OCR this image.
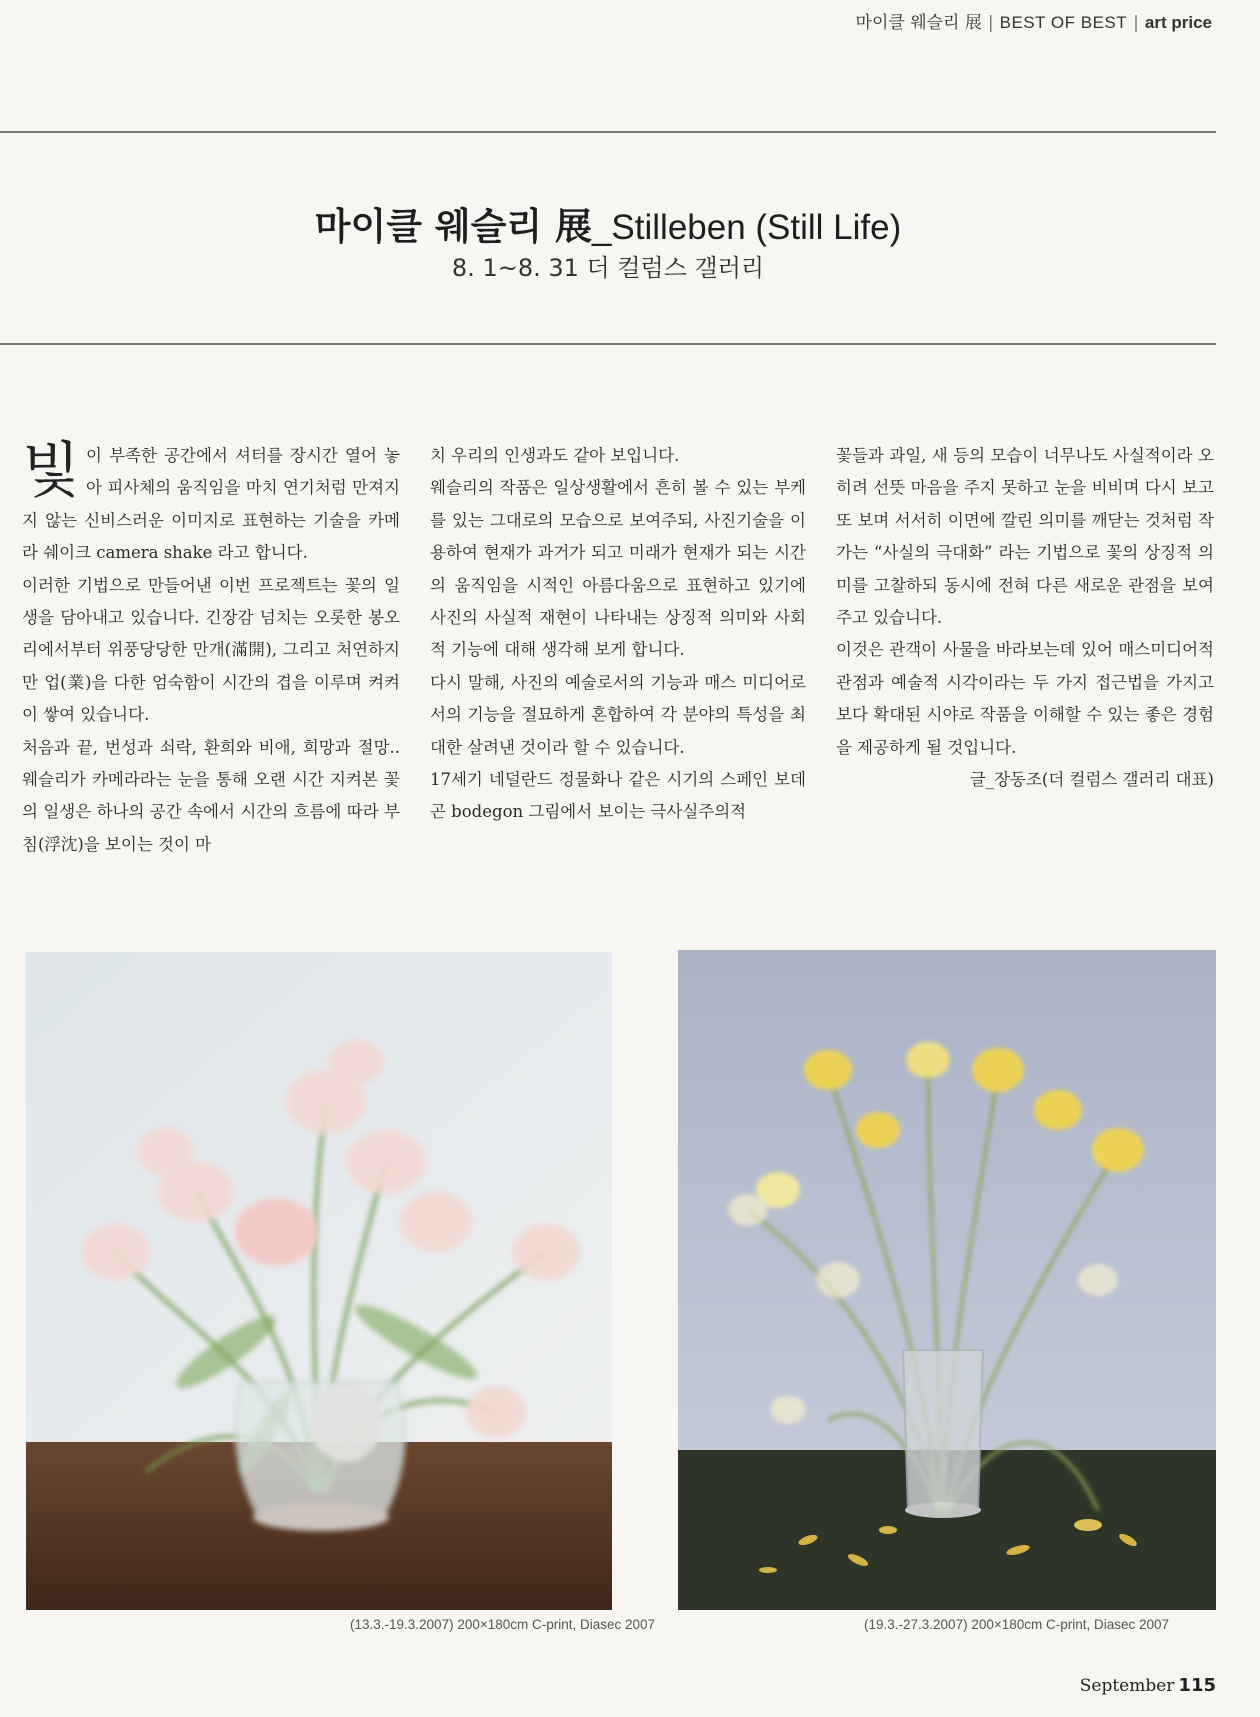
마이클 웨슬리 展 | BEST OF BEST | art price
마이클 웨슬리 展_Stilleben (Still Life)
8. 1~8. 31 더 컬럼스 갤러리

빛이 부족한 공간에서 셔터를 장시간 열어 놓아 피사체의 움직임을 마치 연기처럼 만져지지 않는 신비스러운 이미지로 표현하는 기술을 카메라 쉐이크 camera shake 라고 합니다.

이러한 기법으로 만들어낸 이번 프로젝트는 꽃의 일생을 담아내고 있습니다. 긴장감 넘치는 오롯한 봉오리에서부터 위풍당당한 만개(滿開), 그리고 처연하지만 업(業)을 다한 엄숙함이 시간의 겹을 이루며 켜켜이 쌓여 있습니다.

처음과 끝, 번성과 쇠락, 환희와 비애, 희망과 절망.. 웨슬리가 카메라라는 눈을 통해 오랜 시간 지켜본 꽃의 일생은 하나의 공간 속에서 시간의 흐름에 따라 부침(浮沈)을 보이는 것이 마

치 우리의 인생과도 같아 보입니다.

웨슬리의 작품은 일상생활에서 흔히 볼 수 있는 부케를 있는 그대로의 모습으로 보여주되, 사진기술을 이용하여 현재가 과거가 되고 미래가 현재가 되는 시간의 움직임을 시적인 아름다움으로 표현하고 있기에 사진의 사실적 재현이 나타내는 상징적 의미와 사회적 기능에 대해 생각해 보게 합니다.

다시 말해, 사진의 예술로서의 기능과 매스 미디어로서의 기능을 절묘하게 혼합하여 각 분야의 특성을 최대한 살려낸 것이라 할 수 있습니다.

17세기 네덜란드 정물화나 같은 시기의 스페인 보데곤 bodegon 그림에서 보이는 극사실주의적

꽃들과 과일, 새 등의 모습이 너무나도 사실적이라 오히려 선뜻 마음을 주지 못하고 눈을 비비며 다시 보고 또 보며 서서히 이면에 깔린 의미를 깨닫는 것처럼 작가는 “사실의 극대화” 라는 기법으로 꽃의 상징적 의미를 고찰하되 동시에 전혀 다른 새로운 관점을 보여주고 있습니다.

이것은 관객이 사물을 바라보는데 있어 매스미디어적 관점과 예술적 시각이라는 두 가지 접근법을 가지고 보다 확대된 시야로 작품을 이해할 수 있는 좋은 경험을 제공하게 될 것입니다.

글_장동조(더 컬럼스 갤러리 대표)

(13.3.-19.3.2007) 200×180cm C-print, Diasec 2007	(19.3.-27.3.2007) 200×180cm C-print, Diasec 2007
September 115
